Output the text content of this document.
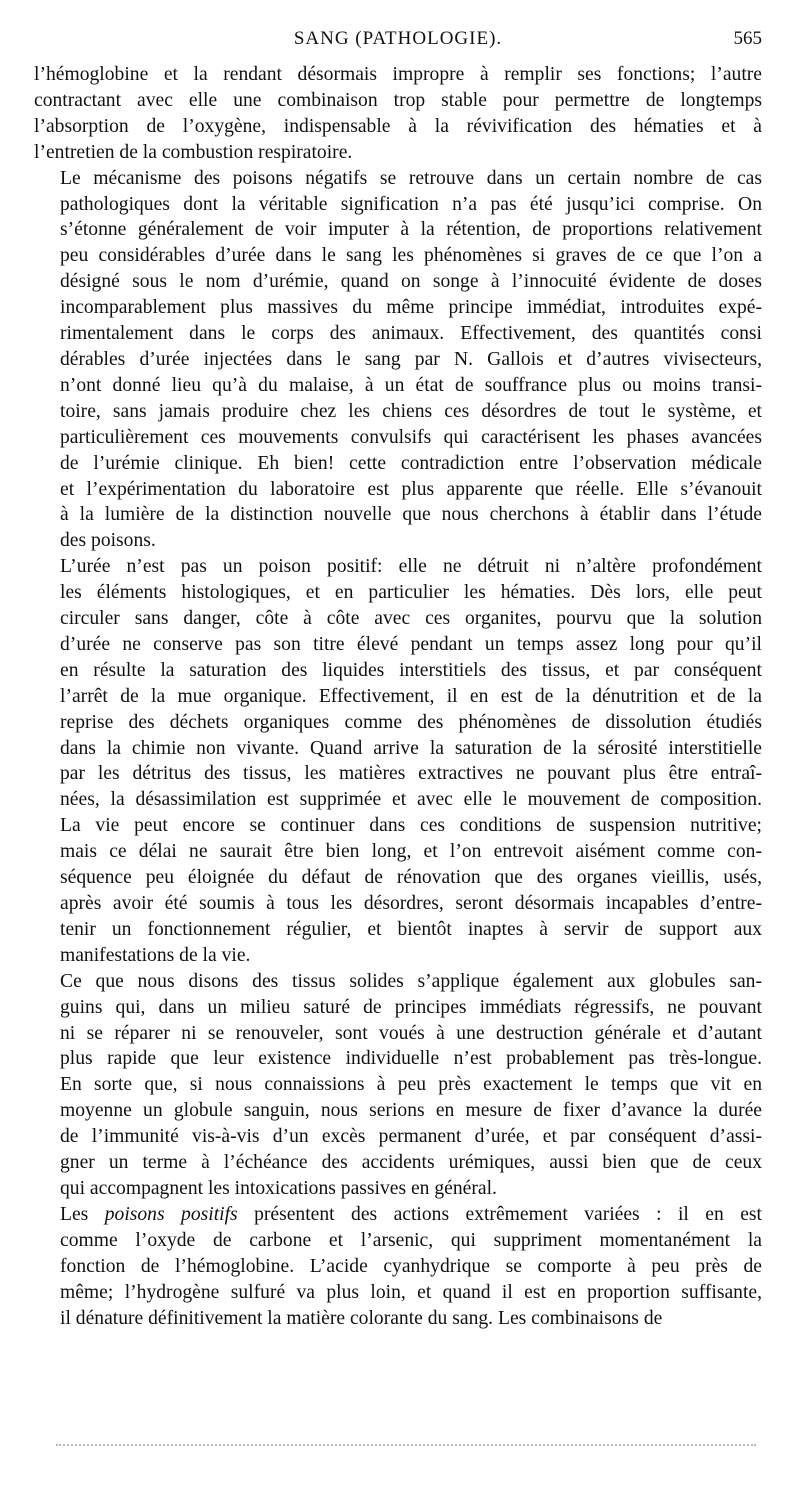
SANG (PATHOLOGIE).	565

l’hémoglobine et la rendant désormais impropre à remplir ses fonctions; l’autre
contractant avec elle une combinaison trop stable pour permettre de longtemps
l’absorption de l’oxygène, indispensable à la révivification des hématies et à
l’entretien de la combustion respiratoire.

Le mécanisme des poisons négatifs se retrouve dans un certain nombre de cas
pathologiques dont la véritable signification n’a pas été jusqu’ici comprise. On
s’étonne généralement de voir imputer à la rétention, de proportions relativement
peu considérables d’urée dans le sang les phénomènes si graves de ce que l’on a
désigné sous le nom d’urémie, quand on songe à l’innocuité évidente de doses
incomparablement plus massives du même principe immédiat, introduites expé-
rimentalement dans le corps des animaux. Effectivement, des quantités consi
dérables d’urée injectées dans le sang par N. Gallois et d’autres vivisecteurs,
n’ont donné lieu qu’à du malaise, à un état de souffrance plus ou moins transi-
toire, sans jamais produire chez les chiens ces désordres de tout le système, et
particulièrement ces mouvements convulsifs qui caractérisent les phases avancées
de l’urémie clinique. Eh bien! cette contradiction entre l’observation médicale
et l’expérimentation du laboratoire est plus apparente que réelle. Elle s’évanouit
à la lumière de la distinction nouvelle que nous cherchons à établir dans l’étude
des poisons.

L’urée n’est pas un poison positif: elle ne détruit ni n’altère profondément
les éléments histologiques, et en particulier les hématies. Dès lors, elle peut
circuler sans danger, côte à côte avec ces organites, pourvu que la solution
d’urée ne conserve pas son titre élevé pendant un temps assez long pour qu’il
en résulte la saturation des liquides interstitiels des tissus, et par conséquent
l’arrêt de la mue organique. Effectivement, il en est de la dénutrition et de la
reprise des déchets organiques comme des phénomènes de dissolution étudiés
dans la chimie non vivante. Quand arrive la saturation de la sérosité interstitielle
par les détritus des tissus, les matières extractives ne pouvant plus être entraî-
nées, la désassimilation est supprimée et avec elle le mouvement de composition.
La vie peut encore se continuer dans ces conditions de suspension nutritive;
mais ce délai ne saurait être bien long, et l’on entrevoit aisément comme con-
séquence peu éloignée du défaut de rénovation que des organes vieillis, usés,
après avoir été soumis à tous les désordres, seront désormais incapables d’entre-
tenir un fonctionnement régulier, et bientôt inaptes à servir de support aux
manifestations de la vie.

Ce que nous disons des tissus solides s’applique également aux globules san-
guins qui, dans un milieu saturé de principes immédiats régressifs, ne pouvant
ni se réparer ni se renouveler, sont voués à une destruction générale et d’autant
plus rapide que leur existence individuelle n’est probablement pas très-longue.
En sorte que, si nous connaissions à peu près exactement le temps que vit en
moyenne un globule sanguin, nous serions en mesure de fixer d’avance la durée
de l’immunité vis-à-vis d’un excès permanent d’urée, et par conséquent d’assi-
gner un terme à l’échéance des accidents urémiques, aussi bien que de ceux
qui accompagnent les intoxications passives en général.

Les poisons positifs présentent des actions extrêmement variées : il en est
comme l’oxyde de carbone et l’arsenic, qui suppriment momentanément la
fonction de l’hémoglobine. L’acide cyanhydrique se comporte à peu près de
même; l’hydrogène sulfuré va plus loin, et quand il est en proportion suffisante,
il dénature définitivement la matière colorante du sang. Les combinaisons de
